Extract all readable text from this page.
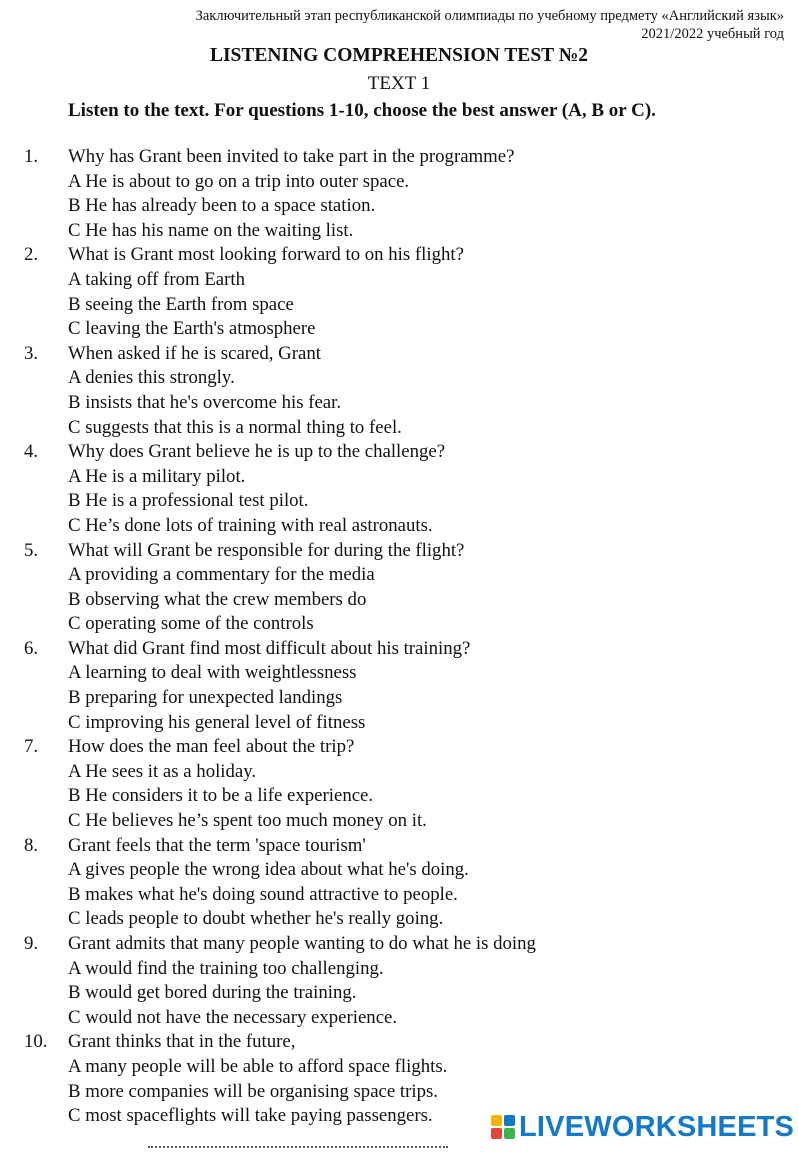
Заключительный этап республиканской олимпиады по учебному предмету «Английский язык»
2021/2022 учебный год
LISTENING COMPREHENSION TEST №2
TEXT 1
Listen to the text. For questions 1-10, choose the best answer (A, B or C).
1. Why has Grant been invited to take part in the programme?
A He is about to go on a trip into outer space.
B He has already been to a space station.
C He has his name on the waiting list.
2. What is Grant most looking forward to on his flight?
A taking off from Earth
B seeing the Earth from space
C leaving the Earth's atmosphere
3. When asked if he is scared, Grant
A denies this strongly.
B insists that he's overcome his fear.
C suggests that this is a normal thing to feel.
4. Why does Grant believe he is up to the challenge?
A He is a military pilot.
B He is a professional test pilot.
C He’s done lots of training with real astronauts.
5. What will Grant be responsible for during the flight?
A providing a commentary for the media
B observing what the crew members do
C operating some of the controls
6. What did Grant find most difficult about his training?
A learning to deal with weightlessness
B preparing for unexpected landings
C improving his general level of fitness
7. How does the man feel about the trip?
A He sees it as a holiday.
B He considers it to be a life experience.
C He believes he’s spent too much money on it.
8. Grant feels that the term 'space tourism'
A gives people the wrong idea about what he's doing.
B makes what he's doing sound attractive to people.
C leads people to doubt whether he's really going.
9. Grant admits that many people wanting to do what he is doing
A would find the training too challenging.
B would get bored during the training.
C would not have the necessary experience.
10. Grant thinks that in the future,
A many people will be able to afford space flights.
B more companies will be organising space trips.
C most spaceflights will take paying passengers.	LIVEWORKSHEETS
